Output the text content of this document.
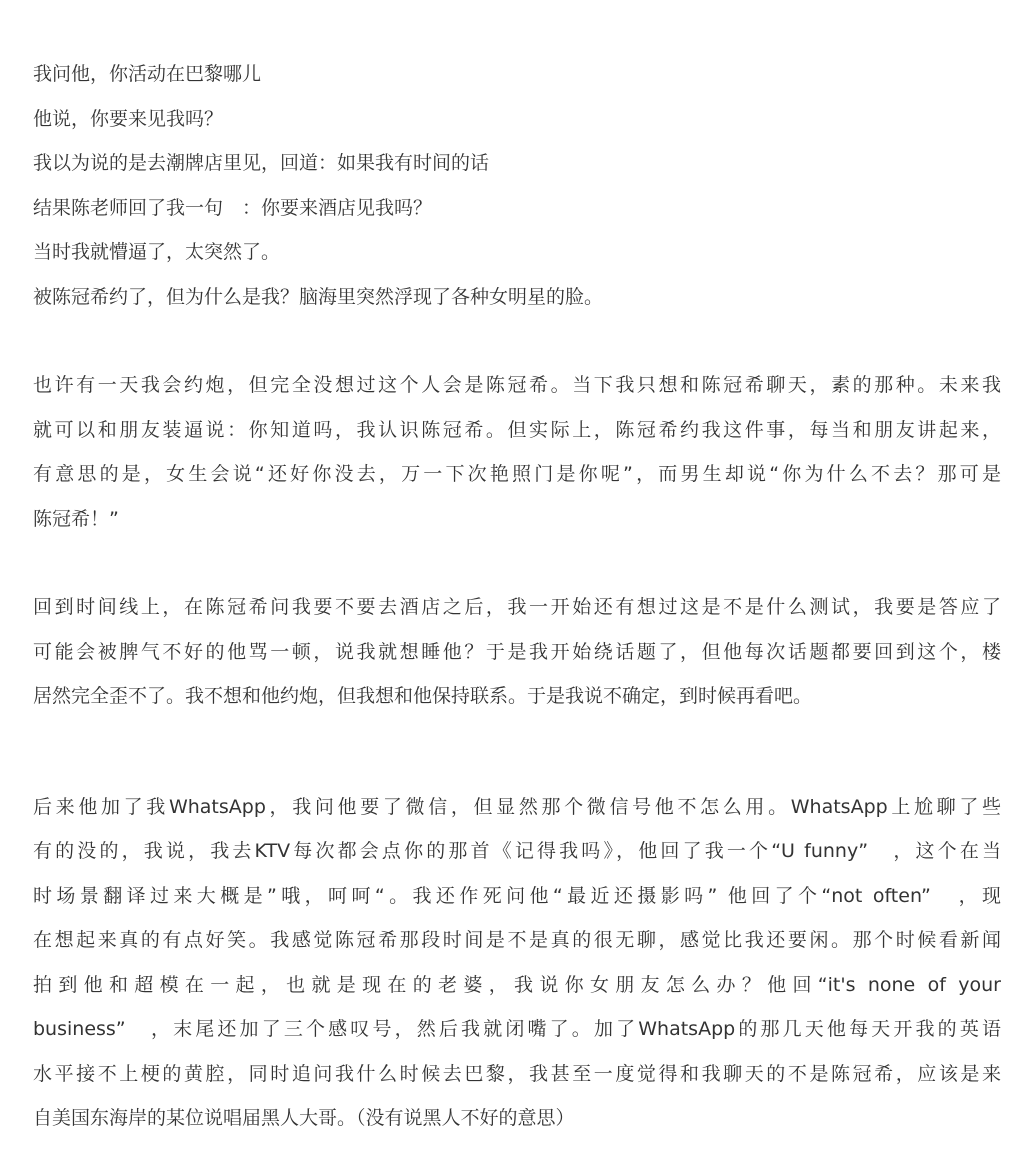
我问他，你活动在巴黎哪儿
他说，你要来见我吗？
我以为说的是去潮牌店里见，回道：如果我有时间的话
结果陈老师回了我一句　：你要来酒店见我吗？
当时我就懵逼了，太突然了。
被陈冠希约了，但为什么是我？脑海里突然浮现了各种女明星的脸。

也许有一天我会约炮，但完全没想过这个人会是陈冠希。当下我只想和陈冠希聊天，素的那种。未来我
就可以和朋友装逼说：你知道吗，我认识陈冠希。但实际上，陈冠希约我这件事，每当和朋友讲起来，
有意思的是，女生会说“还好你没去，万一下次艳照门是你呢”，而男生却说“你为什么不去？那可是
陈冠希！”

回到时间线上，在陈冠希问我要不要去酒店之后，我一开始还有想过这是不是什么测试，我要是答应了
可能会被脾气不好的他骂一顿，说我就想睡他？于是我开始绕话题了，但他每次话题都要回到这个，楼
居然完全歪不了。我不想和他约炮，但我想和他保持联系。于是我说不确定，到时候再看吧。

后来他加了我WhatsApp，我问他要了微信，但显然那个微信号他不怎么用。WhatsApp上尬聊了些
有的没的，我说，我去KTV每次都会点你的那首《记得我吗》，他回了我一个“U funny”　，这个在当
时场景翻译过来大概是”哦，呵呵“。我还作死问他“最近还摄影吗” 他回了个“not often”　，现
在想起来真的有点好笑。我感觉陈冠希那段时间是不是真的很无聊，感觉比我还要闲。那个时候看新闻
拍到他和超模在一起，也就是现在的老婆，我说你女朋友怎么办？他回“it's none of your
business”　，末尾还加了三个感叹号，然后我就闭嘴了。加了WhatsApp的那几天他每天开我的英语
水平接不上梗的黄腔，同时追问我什么时候去巴黎，我甚至一度觉得和我聊天的不是陈冠希，应该是来
自美国东海岸的某位说唱届黑人大哥。（没有说黑人不好的意思）
